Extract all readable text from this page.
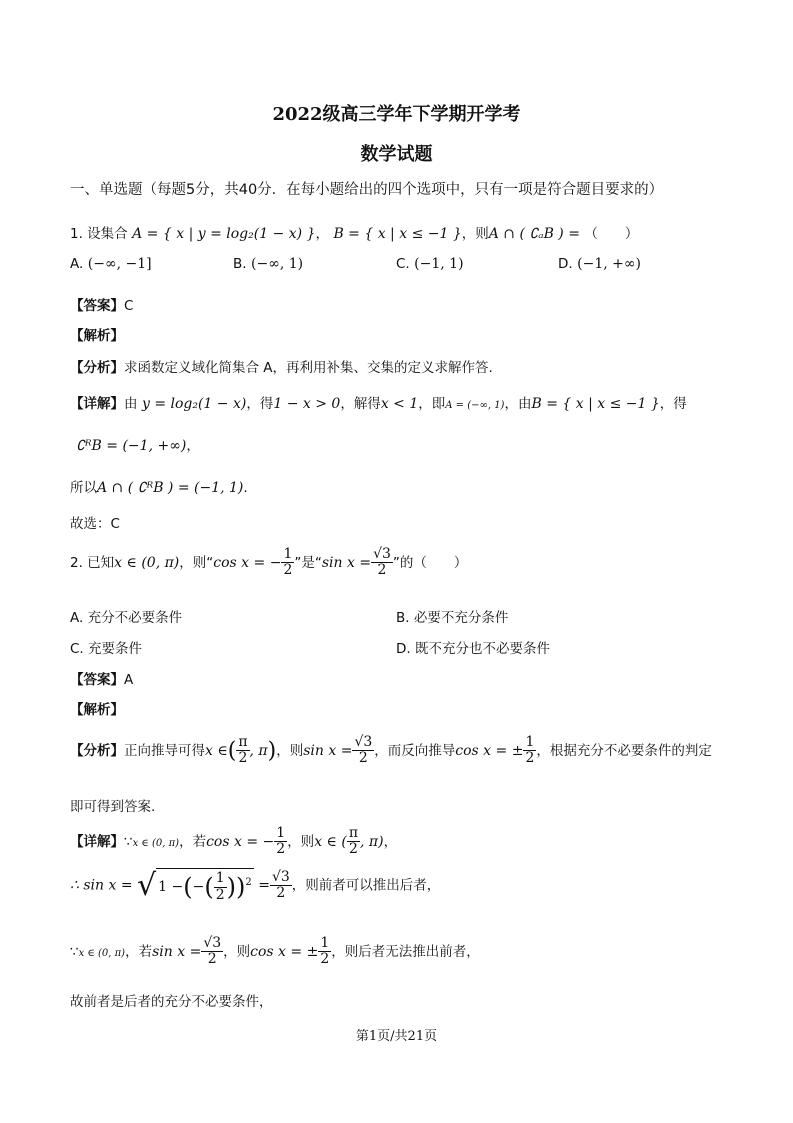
2022级高三学年下学期开学考
数学试题
一、单选题（每题5分，共40分．在每小题给出的四个选项中，只有一项是符合题目要求的）
1. 设集合 A = { x | y = log₂(1 − x) }， B = { x | x ≤ −1 }，则A ∩ ( ∁ₐB ) = （　　）
A. (−∞, −1]	B. (−∞, 1)	C. (−1, 1)	D. (−1, +∞)
【答案】C
【解析】
【分析】求函数定义域化简集合 A，再利用补集、交集的定义求解作答.
【详解】由 y = log₂(1 − x)，得1 − x > 0，解得x < 1，即A = (−∞, 1)，由B = { x | x ≤ −1 }，得
∁ᴿB = (−1, +∞)，
所以A ∩ ( ∁ᴿB ) = (−1, 1).
故选：C
2. 已知x ∈ (0, π)，则“cos x = − $\frac{1}{2}$ ”是“sin $x = \frac{√3}{2}$ ”的（　　）
A. 充分不必要条件	B. 必要不充分条件
C. 充要条件	D. 既不充分也不必要条件
【答案】A
【解析】
【分析】正向推导可得x ∈( $\frac{\pi}{2}$ , π)，则$\sin x = \frac{√3}{2}$ ，而反向推导cos x = ± $\frac{1}{2}$ ，根据充分不必要条件的判定
即可得到答案.
【详解】∵x ∈ (0, π)，若cos x = − $\frac{1}{2}$ ，则x ∈ ( $\frac{\pi}{2}$ , π)，
∴ sin x = √ 1 −(−( $\frac{1}{2} ))^2 = \frac{√3}{2}$ ，则前者可以推出后者，
∵x ∈ (0, π)，若$\sin x = \frac{√3}{2}$ ，则cos x = ± $\frac{1}{2}$ ，则后者无法推出前者，
故前者是后者的充分不必要条件，
第1页/共21页
